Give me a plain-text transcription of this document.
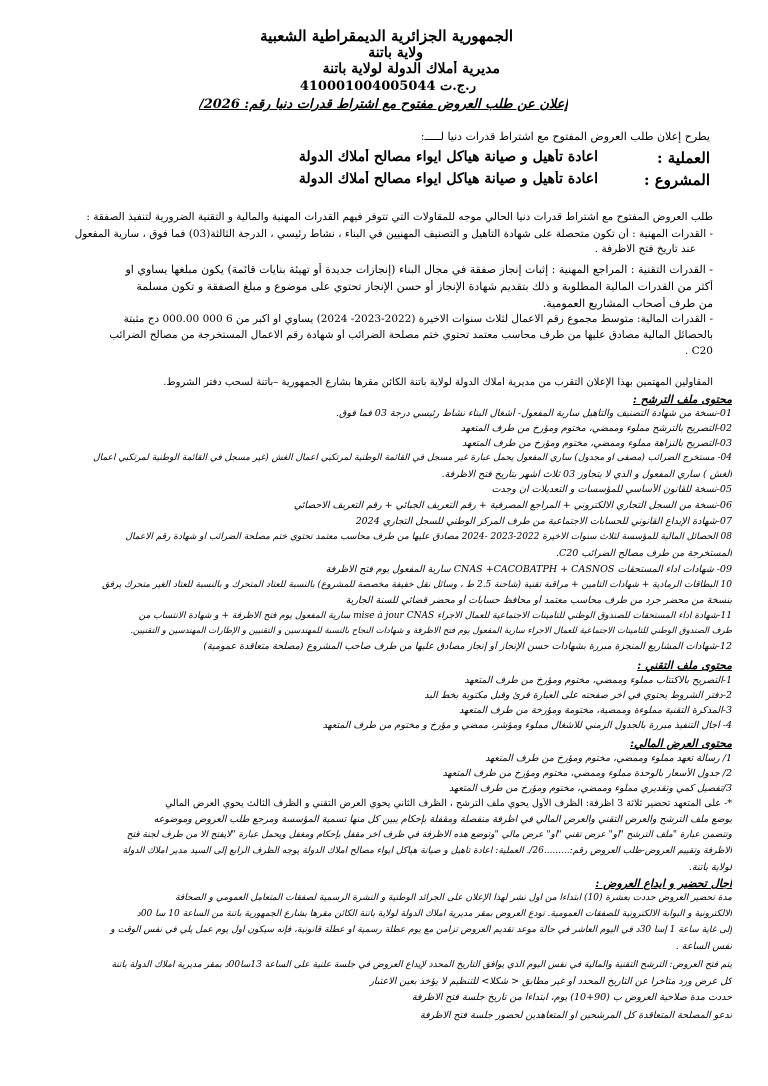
الجمهورية الجزائرية الديمقراطية الشعبية
ولاية باتنة
مديرية أملاك الدولة لولاية باتنة
ر.ج.ت 410001004005044
إعلان عن طلب العروض مفتوح مع اشتراط قدرات دنيا رقم: 2026/
يطرح إعلان طلب العروض المفتوح مع اشتراط قدرات دنيا لـــــ:
العملية :
اعادة تأهيل و صيانة هياكل ايواء مصالح أملاك الدولة
المشروع :
اعادة تأهيل و صيانة هياكل ايواء مصالح أملاك الدولة
طلب العروض المفتوح مع اشتراط قدرات دنيا الحالي موجه للمقاولات التي تتوفر فيهم القدرات المهنية والمالية و التقنية الضرورية لتنفيذ الصفقة :
- القدرات المهنية : أن تكون متحصلة على شهادة التأهيل و التصنيف المهنيين في البناء ، نشاط رئيسي ، الدرجة الثالثة(03) فما فوق ، سارية المفعول
عند تاريخ فتح الاظرفة .
- القدرات التقنية : المراجع المهنية : إثبات إنجاز صفقة في مجال البناء (إنجازات جديدة أو تهيئة بنايات قائمة) يكون مبلغها يساوي او
أكثر من القدرات المالية المطلوبة و ذلك بتقديم شهادة الإنجاز أو حسن الإنجاز تحتوي على موضوع و مبلغ الصفقة و تكون مسلمة
من طرف أصحاب المشاريع العمومية.
- القدرات المالية: متوسط مجموع رقم الاعمال لثلاث سنوات الاخيرة (2022-2023- 2024) يساوي او اكبر من 6 000 000.00 دج مثبتة
بالحصائل المالية مصادق عليها من طرف محاسب معتمد تحتوي ختم مصلحة الضرائب أو شهادة رقم الاعمال المستخرجة من مصالح الضرائب
C20 .
المقاولين المهتمين بهذا الإعلان التقرب من مديرية أملاك الدولة لولاية باتنة الكائن مقرها بشارع الجمهورية –باتنة لسحب دفتر الشروط.
محتوى ملف الترشح :
01-نسخة من شهادة التصنيف والتأهيل سارية المفعول- أشغال البناء نشاط رئيسي درجة 03 فما فوق.
02-التصريح بالترشح مملوء وممضي، مختوم ومؤرخ من طرف المتعهد
03-التصريح بالنزاهة مملوء وممضي، مختوم ومؤرخ من طرف المتعهد
04- مستخرج الضرائب (مصفى أو مجدول) ساري المفعول يحمل عبارة غير مسجل في القائمة الوطنية لمرتكبي أعمال الغش (غير مسجل في القائمة الوطنية لمرتكبي أعمال
الغش ) ساري المفعول و الذي لا يتجاوز 03 ثلاث اشهر بتاريخ فتح الاظرفة.
05-نسخة للقانون الأساسي للمؤسسات و التعديلات ان وجدت
06-نسخة من السجل التجاري الالكتروني + المراجع المصرفية + رقم التعريف الجبائي + رقم التعريف الاحصائي
07-شهادة الإيداع القانوني للحسابات الاجتماعية من طرف المركز الوطني للسجل التجاري 2024
08 الحصائل المالية للمؤسسة لثلاث سنوات الأخيرة 2022-2023 -2024 مصادق عليها من طرف محاسب معتمد تحتوي ختم مصلحة الضرائب او شهادة رقم الاعمال
المستخرجة من طرف مصالح الضرائب C20.
09- شهادات اداء المستحقات CNAS +CACOBATPH + CASNOS سارية المفعول يوم فتح الاظرفة
10 البطاقات الرمادية + شهادات التامين + مراقبة تقنية (شاحنة 2.5 ط ، وسائل نقل خفيفة مخصصة للمشروع) بالنسبة للعتاد المتحرك و بالنسبة للعتاد الغير متحرك يرفق
بنسخة من محضر جرد من طرف محاسب معتمد أو محافظ حسابات أو محضر قضائي للسنة الجارية
11-شهادة اداء المستحقات للصندوق الوطني للتأمينات الاجتماعية للعمال الاجراء mise à jour CNAS سارية المفعول يوم فتح الاظرفة + و شهادة الانتساب من
طرف الصندوق الوطني للتأمينات الاجتماعية للعمال الاجراء سارية المفعول يوم فتح الاظرفة و شهادات النجاح بالنسبة للمهندسين و التقنيين و الإطارات المهندسين و التقنيين.
12-شهادات المشاريع المنجزة مبررة بشهادات حسن الإنجاز أو إنجاز مصادق عليها من طرف صاحب المشروع (مصلحة متعاقدة عمومية)
محتوى ملف التقني :
1-التصريح بالاكتتاب مملوء وممضي، مختوم ومؤرخ من طرف المتعهد
2-دفتر الشروط يحتوي في آخر صفحته على العبارة قرئ وقبل مكتوبة بخط اليد
3-المذكرة التقنية مملوءة وممضية، مختومة ومؤرخة من طرف المتعهد
4- آجال التنفيذ مبررة بالجدول الزمني للاشغال مملوء ومؤشر، ممضي و مؤرخ و مختوم من طرف المتعهد
محتوى العرض المالي:
1/ رسالة تعهد مملوء وممضي، مختوم ومؤرخ من طرف المتعهد
2/ جدول الأسعار بالوحدة مملوء وممضي، مختوم ومؤرخ من طرف المتعهد
3/تفصيل كمي وتقديري مملوء وممضي، مختوم ومؤرخ من طرف المتعهد
*- على المتعهد تحضير ثلاثة 3 اظرفة: الظرف الأول يحوي ملف الترشح ، الظرف الثاني يحوي العرض التقني و الظرف الثالث يحوي العرض المالي
يوضع ملف الترشح والعرض التقني والعرض المالي في اظرفة منفصلة ومقفلة بإحكام يبين كل منها تسمية المؤسسة ومرجع طلب العروض وموضوعه
وتتضمن عبارة "ملف الترشح "أو" عرض تقني "أو" عرض مالي "وتوضع هذه الاظرفة في ظرف آخر مقفل بإحكام ومغفل ويحمل عبارة "لايفتح الا من طرف لجنة فتح
الاظرفة وتقييم العروض-طلب العروض رقم:.........26/. العملية: اعادة تأهيل و صيانة هياكل ايواء مصالح أملاك الدولة يوجه الظرف الرابع إلى السيد مدير أملاك الدولة
لولاية باتنة.
اجال تحضير و ايداع العروض :
مدة تحضير العروض حددت بعشرة (10) ابتداءا من أول نشر لهذا الإعلان على الجرائد الوطنية و النشرة الرسمية لصفقات المتعامل العمومي و الصحافة
الالكترونية و البوابة الالكترونية للصفقات العمومية. تودع العروض بمقر مديرية أملاك الدولة لولاية باتنة الكائن مقرها بشارع الجمهورية باتنة من الساعة 10 سا 00د
إلى غاية ساعة 1 إسا 30د في اليوم العاشر في حالة موعد تقديم العروض تزامن مع يوم عطلة رسمية أو عطلة قانونية، فإنه سيكون أول يوم عمل يلي في نفس الوقت و
نفس الساعة .
يتم فتح العروض: الترشح التقنية والمالية في نفس اليوم الذي يوافق التاريخ المحدد لإيداع العروض في جلسة علنية على الساعة 13سا00د بمقر مديرية أملاك الدولة باتنة
كل عرض ورد متأخرا عن التاريخ المحدد أو غير مطابق < شكلا> للتنظيم لا يؤخذ بعين الاعتبار
حددت مدة صلاحية العروض ب (90+10) يوم، ابتداءا من تاريخ جلسة فتح الاظرفة
تدعو المصلحة المتعاقدة كل المرشحين او المتعاهدين لحضور جلسة فتح الاظرفة
